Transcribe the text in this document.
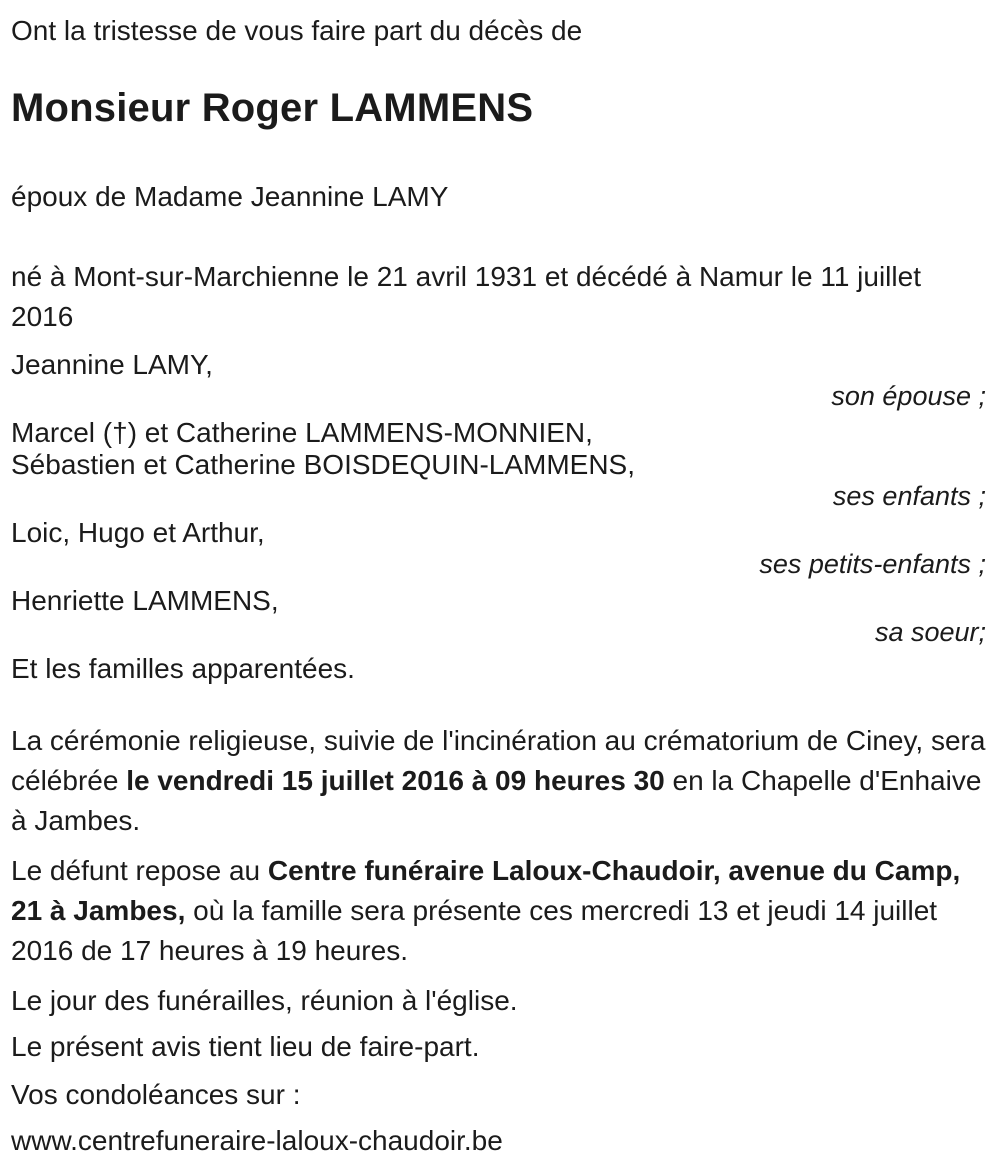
Ont la tristesse de vous faire part du décès de
Monsieur Roger LAMMENS
époux de Madame Jeannine LAMY
né à Mont-sur-Marchienne le 21 avril 1931 et décédé à Namur le 11 juillet 2016
Jeannine LAMY,
son épouse ;
Marcel (†) et Catherine LAMMENS-MONNIEN,
Sébastien et Catherine BOISDEQUIN-LAMMENS,
ses enfants ;
Loic, Hugo et Arthur,
ses petits-enfants ;
Henriette LAMMENS,
sa soeur;
Et les familles apparentées.
La cérémonie religieuse, suivie de l'incinération au crématorium de Ciney, sera célébrée le vendredi 15 juillet 2016 à 09 heures 30 en la Chapelle d'Enhaive à Jambes.
Le défunt repose au Centre funéraire Laloux-Chaudoir, avenue du Camp, 21 à Jambes, où la famille sera présente ces mercredi 13 et jeudi 14 juillet 2016 de 17 heures à 19 heures.
Le jour des funérailles, réunion à l'église.
Le présent avis tient lieu de faire-part.
Vos condoléances sur :
www.centrefuneraire-laloux-chaudoir.be
